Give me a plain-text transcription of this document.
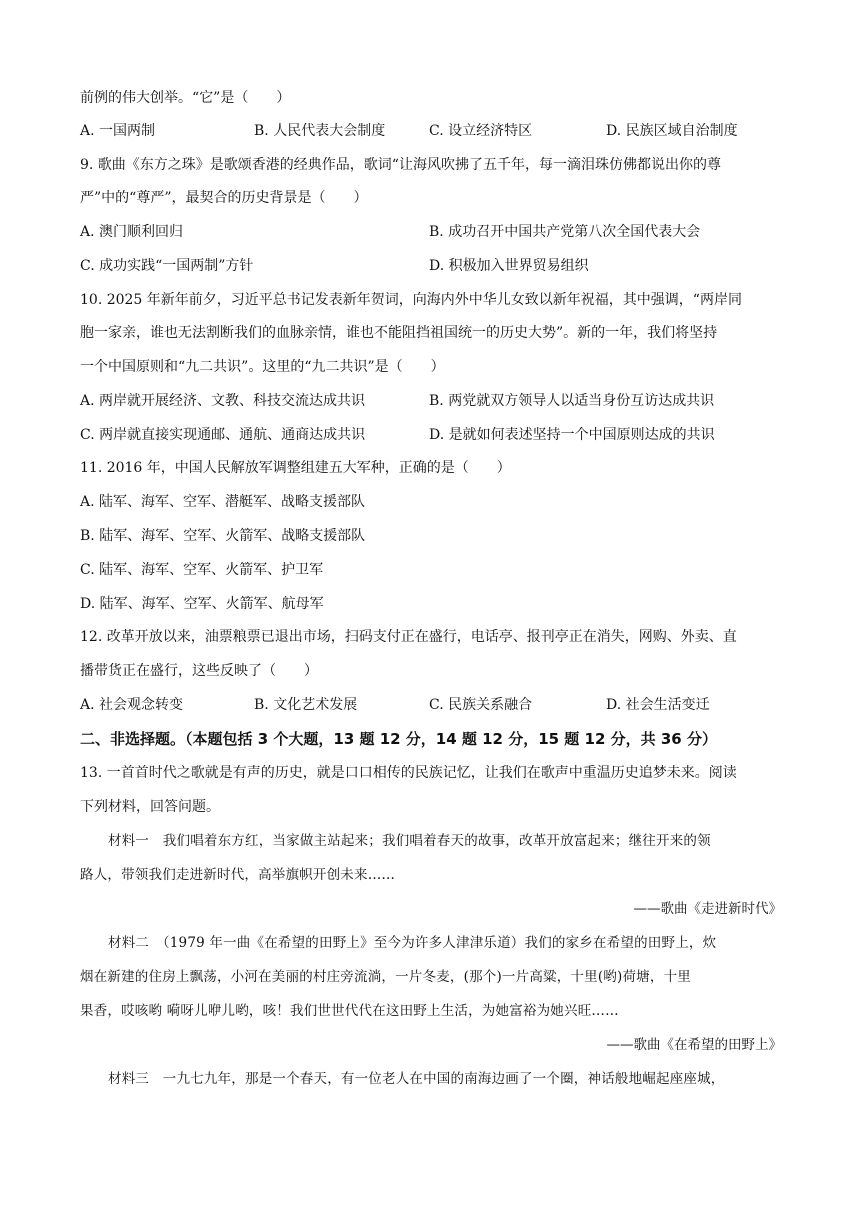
前例的伟大创举。“它”是（　　）
A. 一国两制	B. 人民代表大会制度	C. 设立经济特区	D. 民族区域自治制度
9. 歌曲《东方之珠》是歌颂香港的经典作品，歌词“让海风吹拂了五千年，每一滴泪珠仿佛都说出你的尊
严”中的“尊严”，最契合的历史背景是（　　）
A. 澳门顺利回归	B. 成功召开中国共产党第八次全国代表大会
C. 成功实践“一国两制”方针	D. 积极加入世界贸易组织
10. 2025 年新年前夕，习近平总书记发表新年贺词，向海内外中华儿女致以新年祝福，其中强调，“两岸同
胞一家亲，谁也无法割断我们的血脉亲情，谁也不能阻挡祖国统一的历史大势”。新的一年，我们将坚持
一个中国原则和“九二共识”。这里的“九二共识”是（　　）
A. 两岸就开展经济、文教、科技交流达成共识	B. 两党就双方领导人以适当身份互访达成共识
C. 两岸就直接实现通邮、通航、通商达成共识	D. 是就如何表述坚持一个中国原则达成的共识
11. 2016 年，中国人民解放军调整组建五大军种，正确的是（　　）
A. 陆军、海军、空军、潜艇军、战略支援部队
B. 陆军、海军、空军、火箭军、战略支援部队
C. 陆军、海军、空军、火箭军、护卫军
D. 陆军、海军、空军、火箭军、航母军
12. 改革开放以来，油票粮票已退出市场，扫码支付正在盛行，电话亭、报刊亭正在消失，网购、外卖、直
播带货正在盛行，这些反映了（　　）
A. 社会观念转变	B. 文化艺术发展	C. 民族关系融合	D. 社会生活变迁
二、非选择题。（本题包括 3 个大题，13 题 12 分，14 题 12 分，15 题 12 分，共 36 分）
13. 一首首时代之歌就是有声的历史，就是口口相传的民族记忆，让我们在歌声中重温历史追梦未来。阅读
下列材料，回答问题。
材料一　我们唱着东方红，当家做主站起来；我们唱着春天的故事，改革开放富起来；继往开来的领
路人，带领我们走进新时代，高举旗帜开创未来……
——歌曲《走进新时代》
材料二　（1979 年一曲《在希望的田野上》至今为许多人津津乐道）我们的家乡在希望的田野上，炊
烟在新建的住房上飘荡，小河在美丽的村庄旁流淌，一片冬麦，(那个)一片高粱，十里(哟)荷塘，十里
果香，哎咳哟 嗬呀儿咿儿哟，咳！我们世世代代在这田野上生活，为她富裕为她兴旺……
——歌曲《在希望的田野上》
材料三　一九七九年，那是一个春天，有一位老人在中国的南海边画了一个圈，神话般地崛起座座城，
